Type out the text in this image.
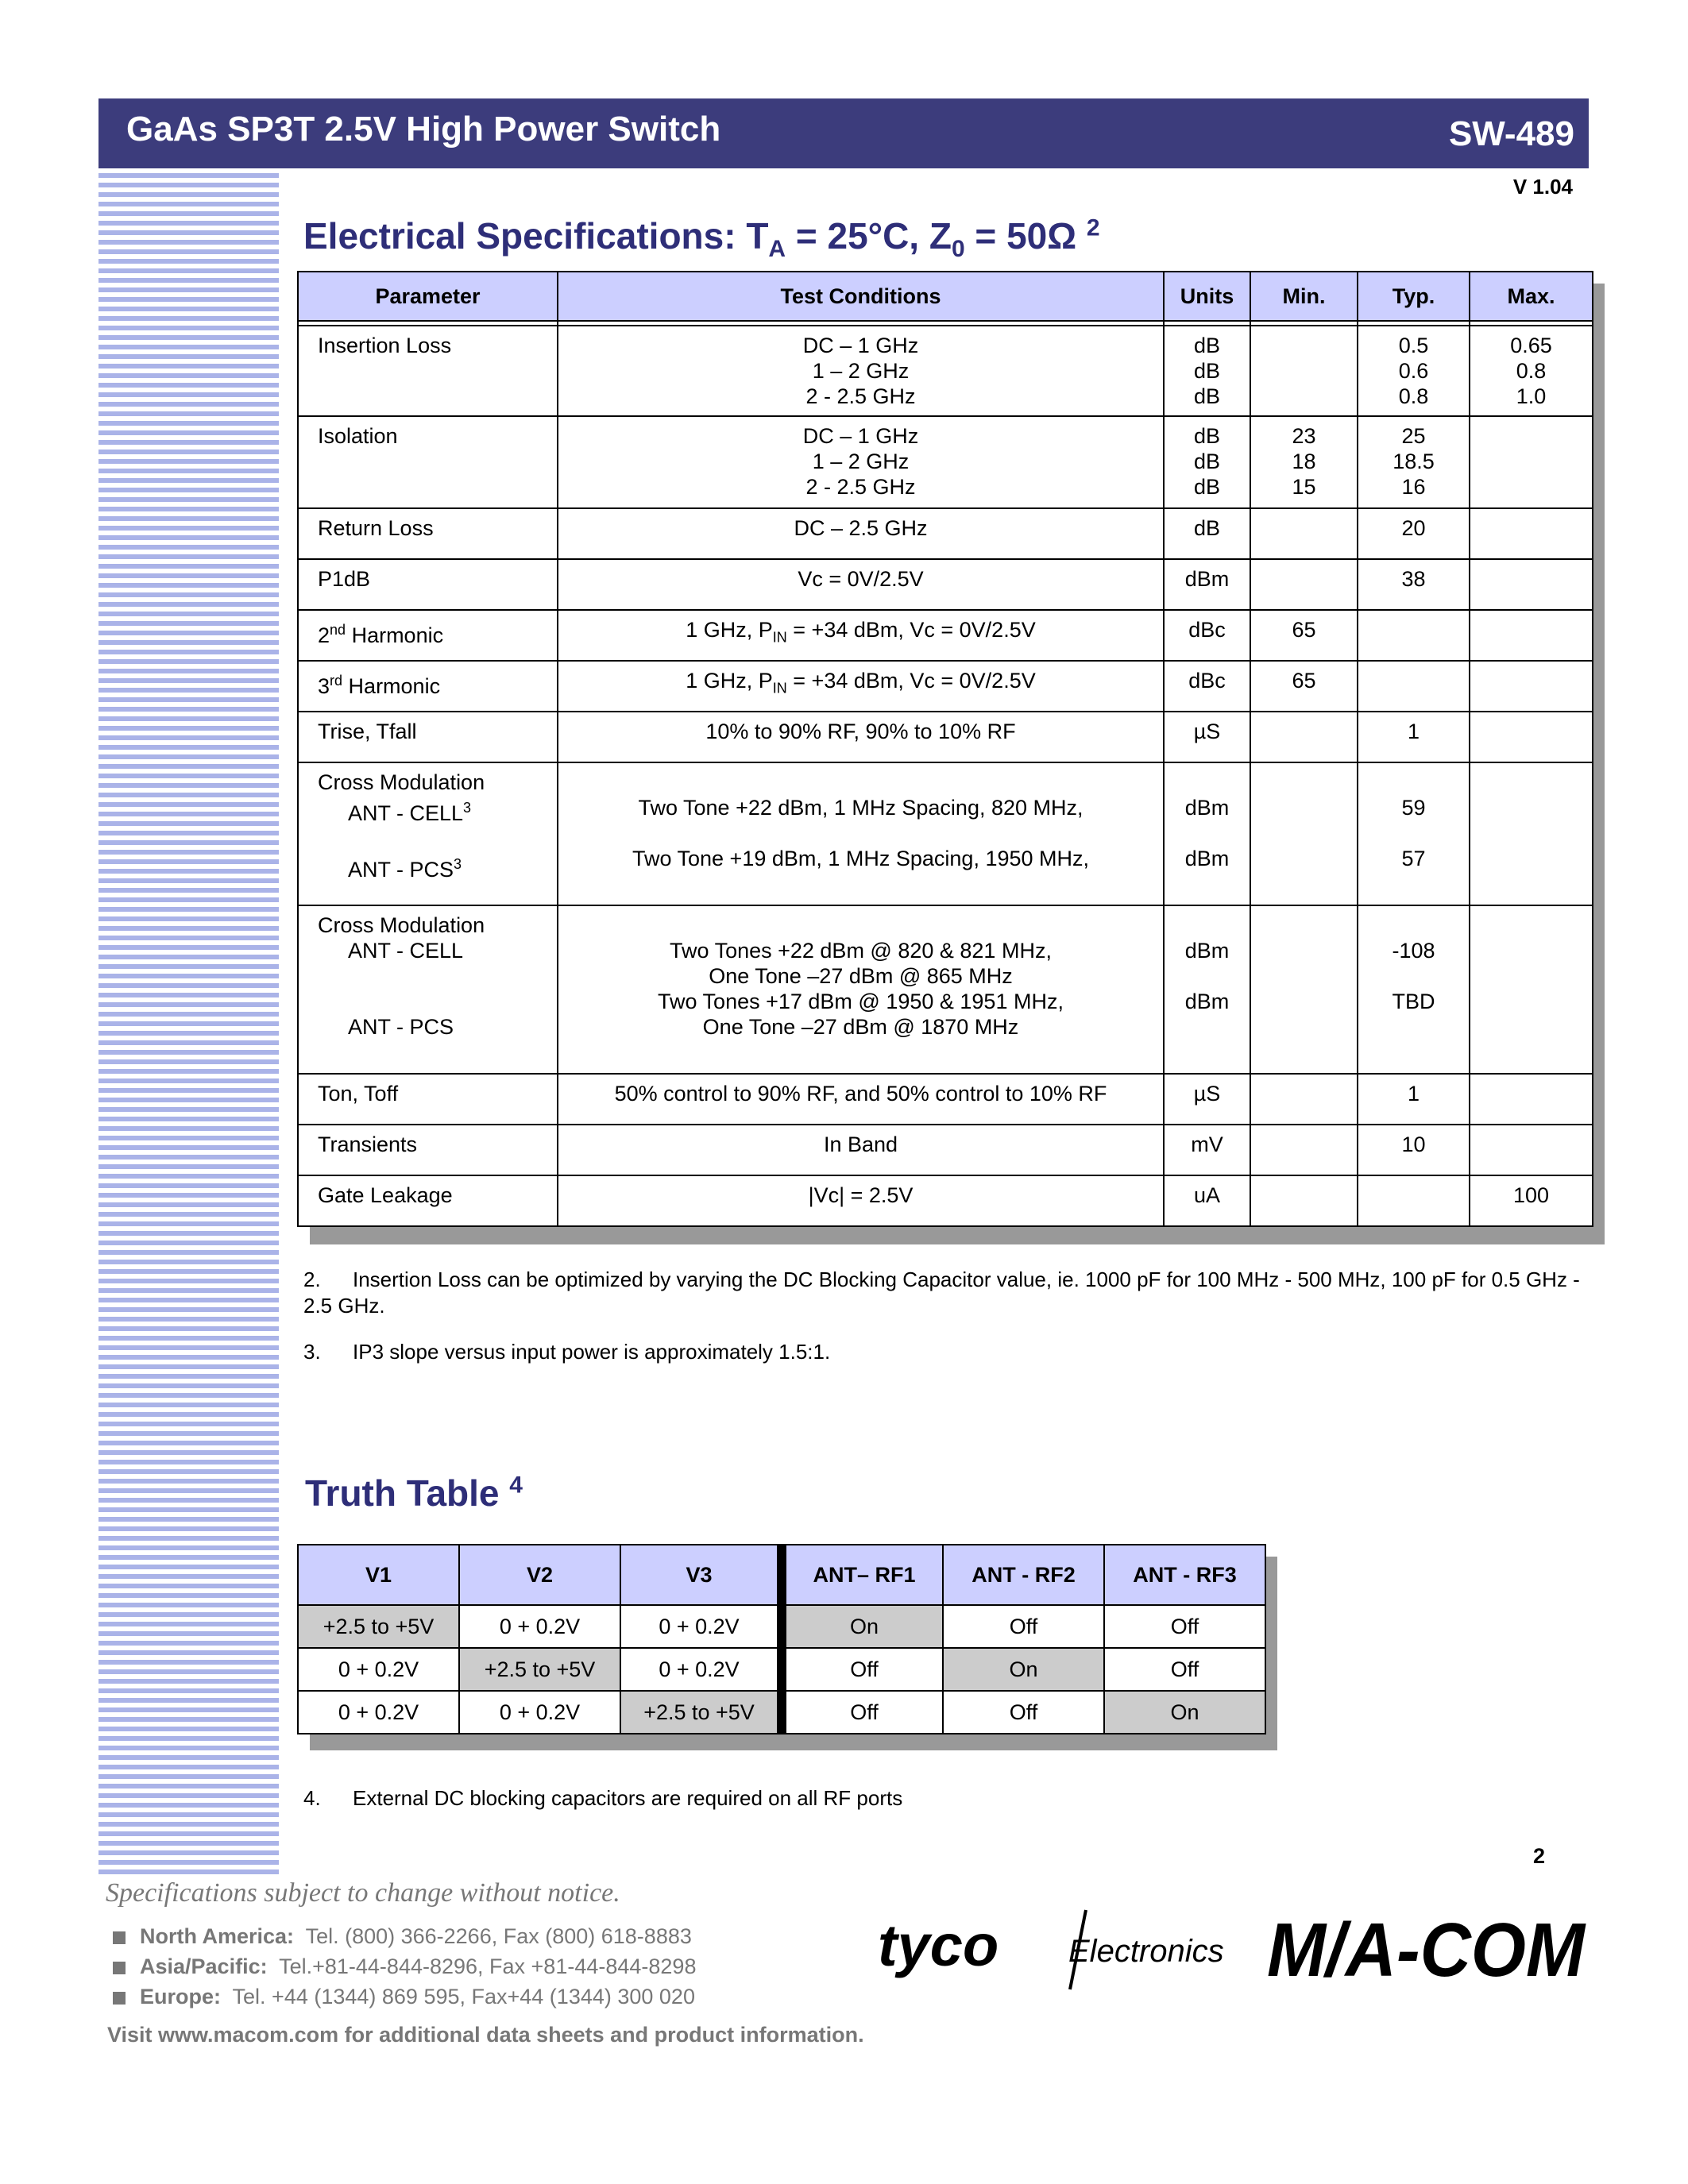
GaAs SP3T 2.5V High Power Switch	SW-489
V 1.04
Electrical Specifications: $T_A = 25^\circ C$, $Z_0 = 50\Omega$ $^2$
Parameter	Test Conditions	Units	Min.	Typ.	Max.

Insertion Loss	DC – 1 GHz
1 – 2 GHz
2 - 2.5 GHz	dB
dB
dB		0.5
0.6
0.8	0.65
0.8
1.0

Isolation	DC – 1 GHz
1 – 2 GHz
2 - 2.5 GHz	dB
dB
dB	23
18
15	25
18.5
16	

Return Loss	DC – 2.5 GHz	dB		20	

P1dB	Vc = 0V/2.5V	dBm		38	

2nd Harmonic	1 GHz, $P_{IN} = +34$ dBm, Vc = 0V/2.5V	dBc	65		

3rd Harmonic	1 GHz, $P_{IN} = +34$ dBm, Vc = 0V/2.5V	dBc	65		

Trise, Tfall	10% to 90% RF, 90% to 10% RF	µS		1	

Cross Modulation
ANT - CELL$^3$
ANT - PCS$^3$	Two Tone +22 dBm, 1 MHz Spacing, 820 MHz,
Two Tone +19 dBm, 1 MHz Spacing, 1950 MHz,	dBm
dBm		59
57	

Cross Modulation
ANT - CELL
ANT - PCS	Two Tones +22 dBm @ 820 & 821 MHz,
One Tone –27 dBm @ 865 MHz
Two Tones +17 dBm @ 1950 & 1951 MHz,
One Tone –27 dBm @ 1870 MHz	dBm
dBm		-108
TBD	

Ton, Toff	50% control to 90% RF, and 50% control to 10% RF	µS		1	

Transients	In Band	mV		10	

Gate Leakage	|Vc| = 2.5V	uA			100
2. Insertion Loss can be optimized by varying the DC Blocking Capacitor value, ie. 1000 pF for 100 MHz - 500 MHz, 100 pF for 0.5 GHz - 2.5 GHz.
3. IP3 slope versus input power is approximately 1.5:1.
Truth Table $^4$
V1	V2	V3	ANT– RF1	ANT - RF2	ANT - RF3
+2.5 to +5V	0 + 0.2V	0 + 0.2V	On	Off	Off
0 + 0.2V	+2.5 to +5V	0 + 0.2V	Off	On	Off
0 + 0.2V	0 + 0.2V	+2.5 to +5V	Off	Off	On
4. External DC blocking capacitors are required on all RF ports
2
Specifications subject to change without notice.
North America: Tel. (800) 366-2266, Fax (800) 618-8883
Asia/Pacific: Tel.+81-44-844-8296, Fax +81-44-844-8298
Europe: Tel. +44 (1344) 869 595, Fax+44 (1344) 300 020
Visit www.macom.com for additional data sheets and product information.
tyco Electronics M/A-COM
